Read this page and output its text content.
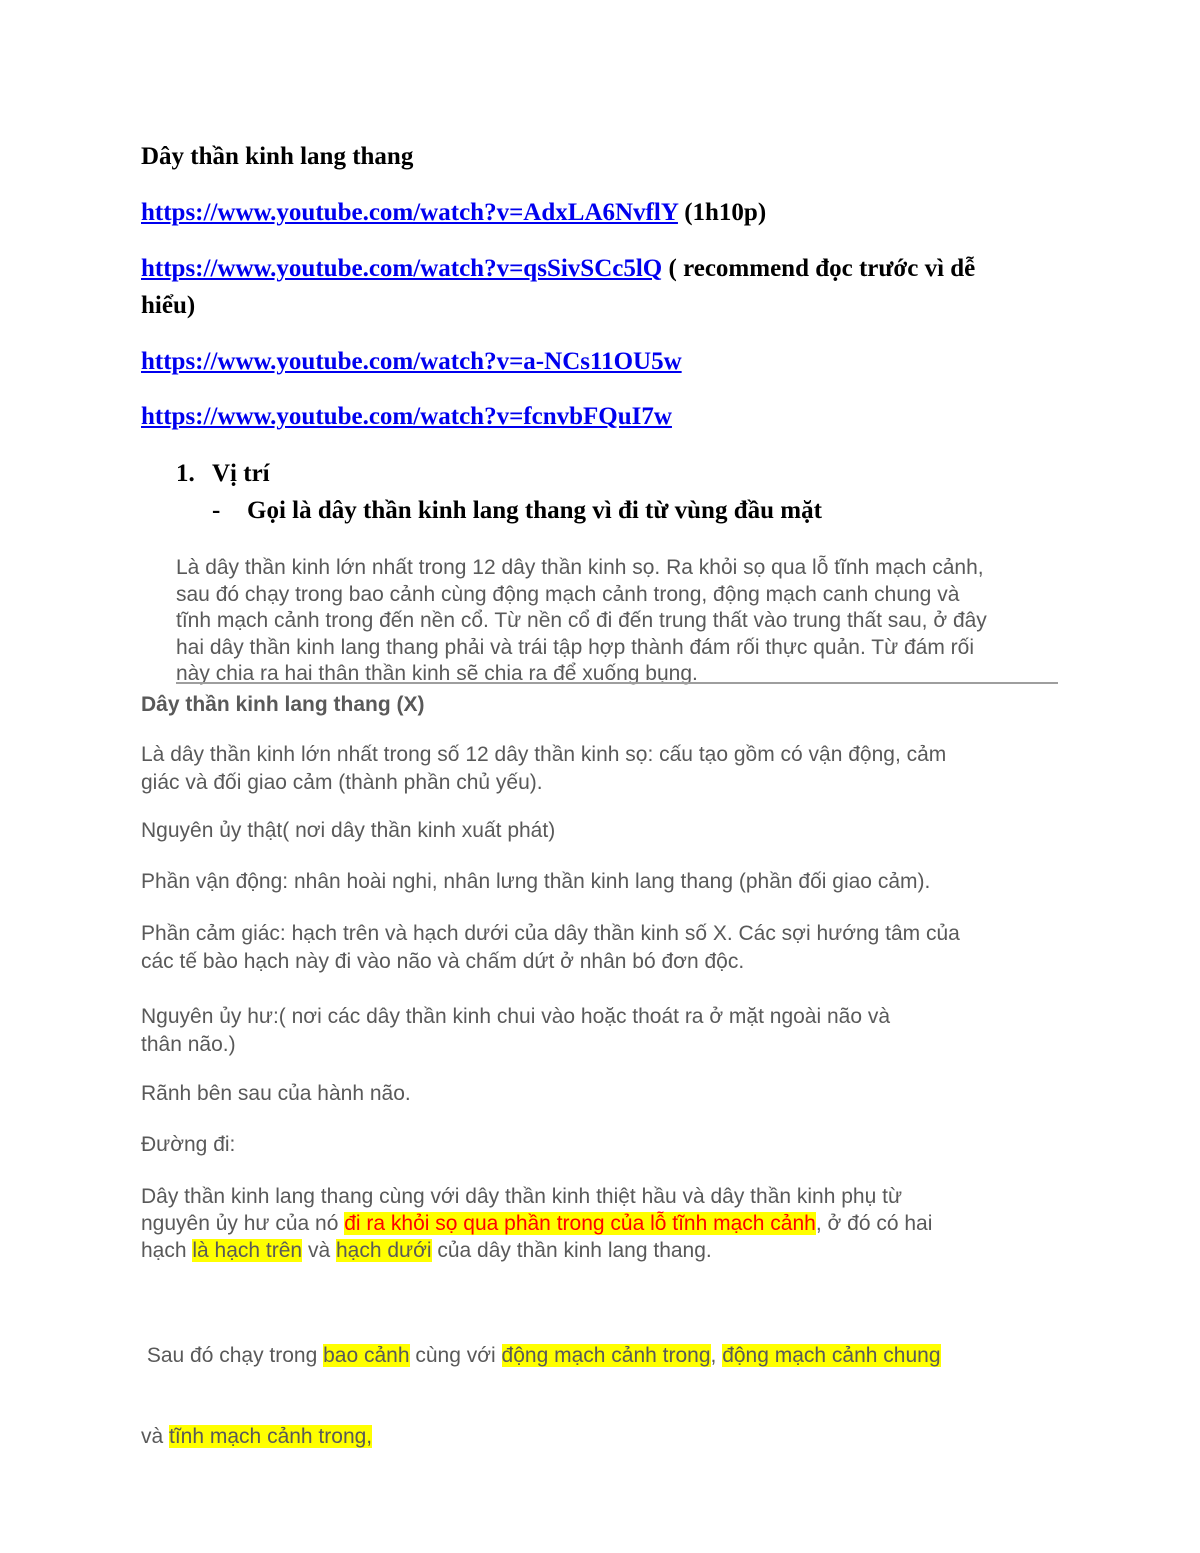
Dây thần kinh lang thang
https://www.youtube.com/watch?v=AdxLA6NvflY (1h10p)
https://www.youtube.com/watch?v=qsSivSCc5lQ ( recommend đọc trước vì dễ
hiểu)
https://www.youtube.com/watch?v=a-NCs11OU5w
https://www.youtube.com/watch?v=fcnvbFQuI7w
1. Vị trí
- Gọi là dây thần kinh lang thang vì đi từ vùng đầu mặt
Là dây thần kinh lớn nhất trong 12 dây thần kinh sọ. Ra khỏi sọ qua lỗ tĩnh mạch cảnh,
sau đó chạy trong bao cảnh cùng động mạch cảnh trong, động mạch canh chung và
tĩnh mạch cảnh trong đến nền cổ. Từ nền cổ đi đến trung thất vào trung thất sau, ở đây
hai dây thần kinh lang thang phải và trái tập hợp thành đám rối thực quản. Từ đám rối
này chia ra hai thân thần kinh sẽ chia ra để xuống bụng.
Dây thần kinh lang thang (X)
Là dây thần kinh lớn nhất trong số 12 dây thần kinh sọ: cấu tạo gồm có vận động, cảm
giác và đối giao cảm (thành phần chủ yếu).
Nguyên ủy thật( nơi dây thần kinh xuất phát)
Phần vận động: nhân hoài nghi, nhân lưng thần kinh lang thang (phần đối giao cảm).
Phần cảm giác: hạch trên và hạch dưới của dây thần kinh số X. Các sợi hướng tâm của
các tế bào hạch này đi vào não và chấm dứt ở nhân bó đơn độc.
Nguyên ủy hư:( nơi các dây thần kinh chui vào hoặc thoát ra ở mặt ngoài não và
thân não.)
Rãnh bên sau của hành não.
Đường đi:
Dây thần kinh lang thang cùng với dây thần kinh thiệt hầu và dây thần kinh phụ từ
nguyên ủy hư của nó đi ra khỏi sọ qua phần trong của lỗ tĩnh mạch cảnh, ở đó có hai
hạch là hạch trên và hạch dưới của dây thần kinh lang thang.

Sau đó chạy trong bao cảnh cùng với động mạch cảnh trong, động mạch cảnh chung

và tĩnh mạch cảnh trong,
